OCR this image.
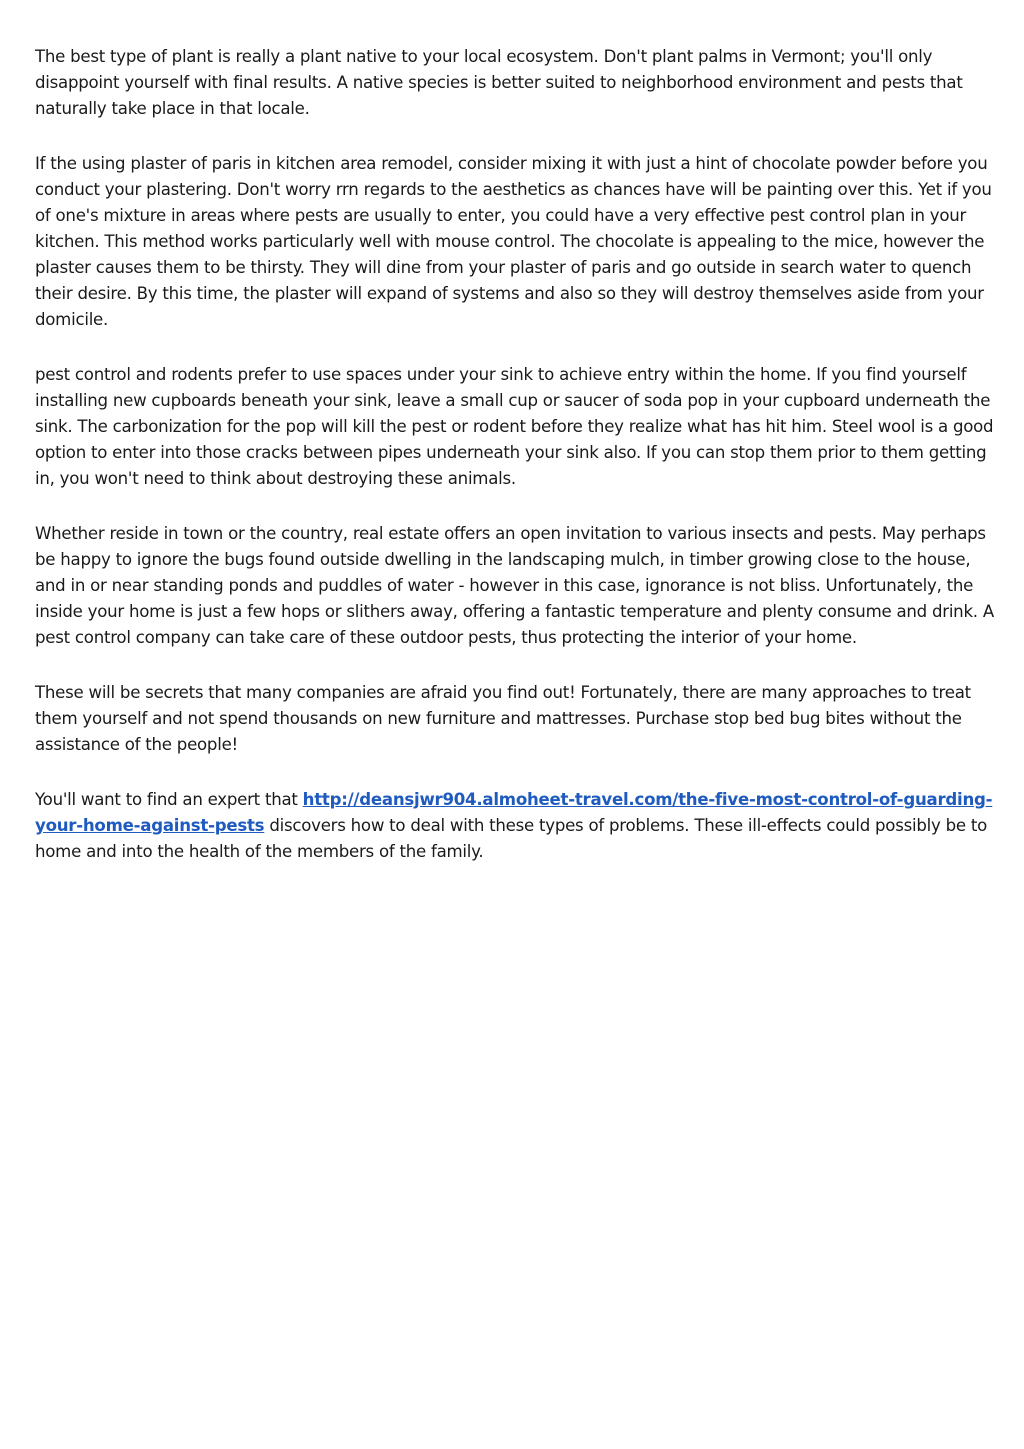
The best type of plant is really a plant native to your local ecosystem. Don't plant palms in Vermont; you'll only disappoint yourself with final results. A native species is better suited to neighborhood environment and pests that naturally take place in that locale.

If the using plaster of paris in kitchen area remodel, consider mixing it with just a hint of chocolate powder before you conduct your plastering. Don't worry rrn regards to the aesthetics as chances have will be painting over this. Yet if you of one's mixture in areas where pests are usually to enter, you could have a very effective pest control plan in your kitchen. This method works particularly well with mouse control. The chocolate is appealing to the mice, however the plaster causes them to be thirsty. They will dine from your plaster of paris and go outside in search water to quench their desire. By this time, the plaster will expand of systems and also so they will destroy themselves aside from your domicile.

pest control and rodents prefer to use spaces under your sink to achieve entry within the home. If you find yourself installing new cupboards beneath your sink, leave a small cup or saucer of soda pop in your cupboard underneath the sink. The carbonization for the pop will kill the pest or rodent before they realize what has hit him. Steel wool is a good option to enter into those cracks between pipes underneath your sink also. If you can stop them prior to them getting in, you won't need to think about destroying these animals.

Whether reside in town or the country, real estate offers an open invitation to various insects and pests. May perhaps be happy to ignore the bugs found outside dwelling in the landscaping mulch, in timber growing close to the house, and in or near standing ponds and puddles of water - however in this case, ignorance is not bliss. Unfortunately, the inside your home is just a few hops or slithers away, offering a fantastic temperature and plenty consume and drink. A pest control company can take care of these outdoor pests, thus protecting the interior of your home.

These will be secrets that many companies are afraid you find out! Fortunately, there are many approaches to treat them yourself and not spend thousands on new furniture and mattresses. Purchase stop bed bug bites without the assistance of the people!

You'll want to find an expert that http://deansjwr904.almoheet-travel.com/the-five-most-control-of-guarding-your-home-against-pests discovers how to deal with these types of problems. These ill-effects could possibly be to home and into the health of the members of the family.
